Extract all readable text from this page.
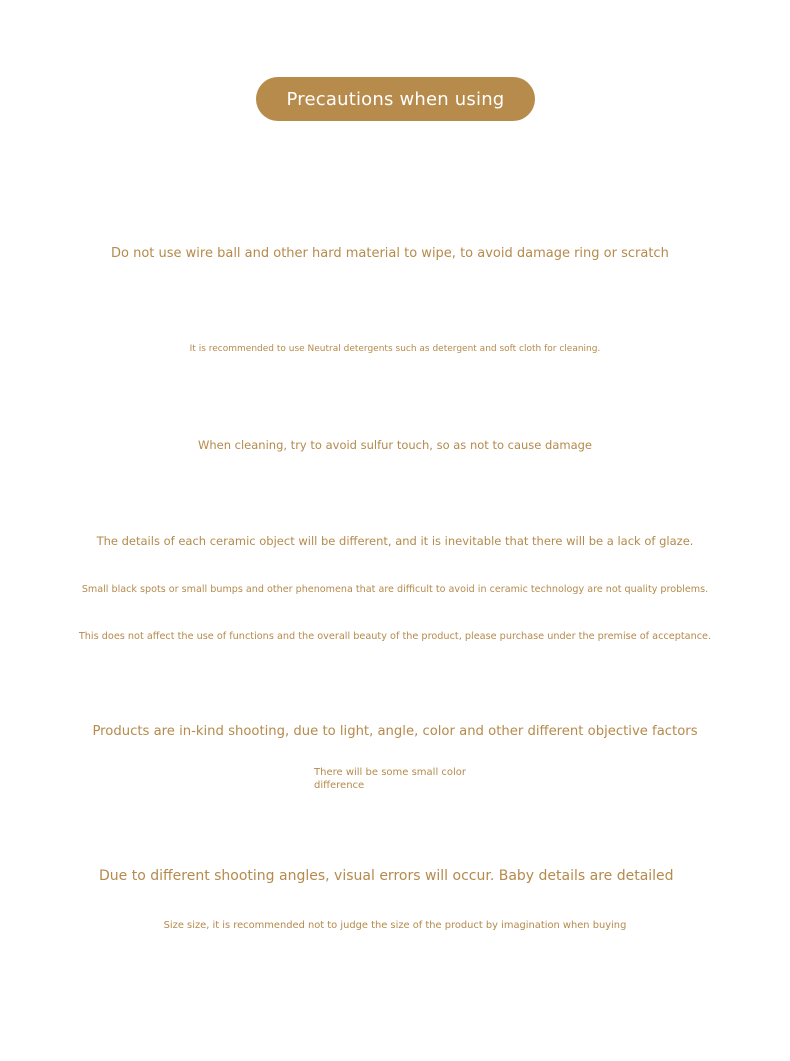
Precautions when using
Do not use wire ball and other hard material to wipe, to avoid damage ring or scratch
It is recommended to use Neutral detergents such as detergent and soft cloth for cleaning.
When cleaning, try to avoid sulfur touch, so as not to cause damage
The details of each ceramic object will be different, and it is inevitable that there will be a lack of glaze.
Small black spots or small bumps and other phenomena that are difficult to avoid in ceramic technology are not quality problems.
This does not affect the use of functions and the overall beauty of the product, please purchase under the premise of acceptance.
Products are in-kind shooting, due to light, angle, color and other different objective factors
There will be some small color difference
Due to different shooting angles, visual errors will occur. Baby details are detailed
Size size, it is recommended not to judge the size of the product by imagination when buying
